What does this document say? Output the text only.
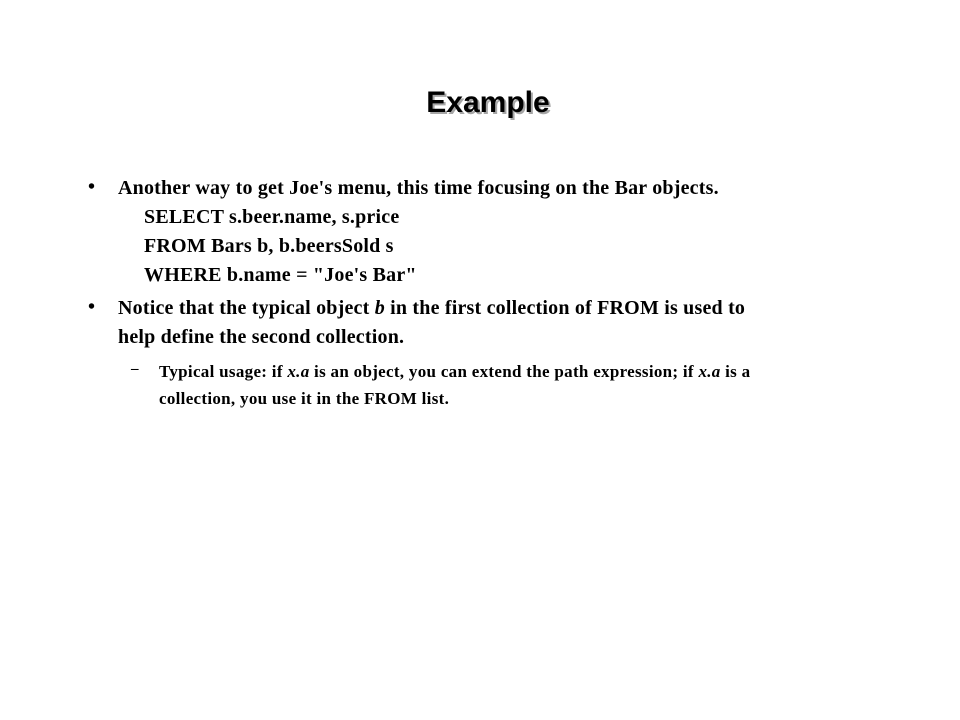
Example
• Another way to get Joe's menu, this time focusing on the Bar objects.
SELECT s.beer.name, s.price
FROM Bars b, b.beersSold s
WHERE b.name = "Joe's Bar"
• Notice that the typical object b in the first collection of FROM is used to
help define the second collection.
– Typical usage: if x.a is an object, you can extend the path expression; if x.a is a
collection, you use it in the FROM list.
